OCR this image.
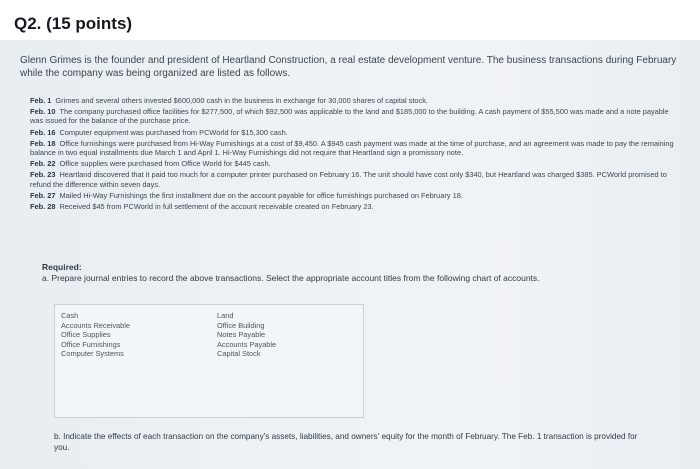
Q2. (15 points)
Glenn Grimes is the founder and president of Heartland Construction, a real estate development venture. The business transactions during February while the company was being organized are listed as follows.
Feb. 1 Grimes and several others invested $600,000 cash in the business in exchange for 30,000 shares of capital stock.
Feb. 10 The company purchased office facilities for $277,500, of which $92,500 was applicable to the land and $185,000 to the building. A cash payment of $55,500 was made and a note payable was issued for the balance of the purchase price.
Feb. 16 Computer equipment was purchased from PCWorld for $15,300 cash.
Feb. 18 Office furnishings were purchased from Hi-Way Furnishings at a cost of $9,450. A $945 cash payment was made at the time of purchase, and an agreement was made to pay the remaining balance in two equal installments due March 1 and April 1. Hi-Way Furnishings did not require that Heartland sign a promissory note.
Feb. 22 Office supplies were purchased from Office World for $445 cash.
Feb. 23 Heartland discovered that it paid too much for a computer printer purchased on February 16. The unit should have cost only $340, but Heartland was charged $385. PCWorld promised to refund the difference within seven days.
Feb. 27 Mailed Hi-Way Furnishings the first installment due on the account payable for office furnishings purchased on February 18.
Feb. 28 Received $45 from PCWorld in full settlement of the account receivable created on February 23.
Required:
a. Prepare journal entries to record the above transactions. Select the appropriate account titles from the following chart of accounts.
Cash
Accounts Receivable
Office Supplies
Office Furnishings
Computer Systems
Land
Office Building
Notes Payable
Accounts Payable
Capital Stock
b. Indicate the effects of each transaction on the company's assets, liabilities, and owners' equity for the month of February. The Feb. 1 transaction is provided for you.
